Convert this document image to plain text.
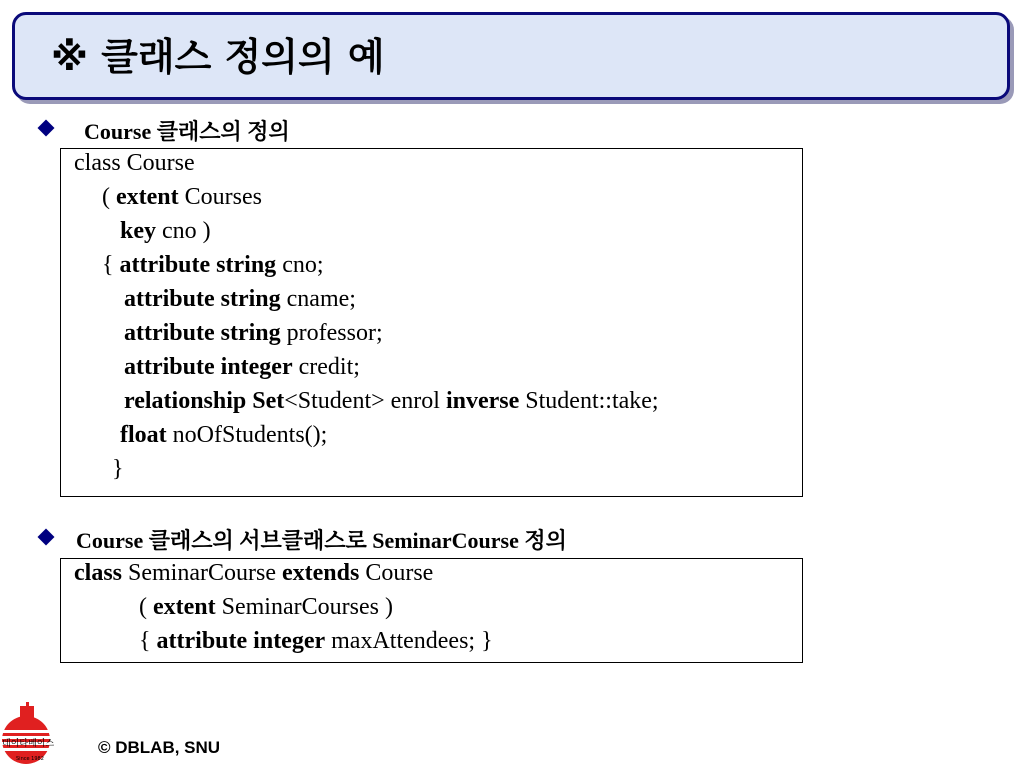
※ 클래스 정의의 예
Course 클래스의 정의
class Course
( extent Courses
key cno )
{ attribute string cno;
attribute string cname;
attribute string professor;
attribute integer credit;
relationship Set<Student> enrol inverse Student::take;
float noOfStudents();
}
Course 클래스의 서브클래스로 SeminarCourse 정의
class SeminarCourse extends Course
( extent SeminarCourses )
{ attribute integer maxAttendees; }
데이타베이스
Since 1982
© DBLAB, SNU
